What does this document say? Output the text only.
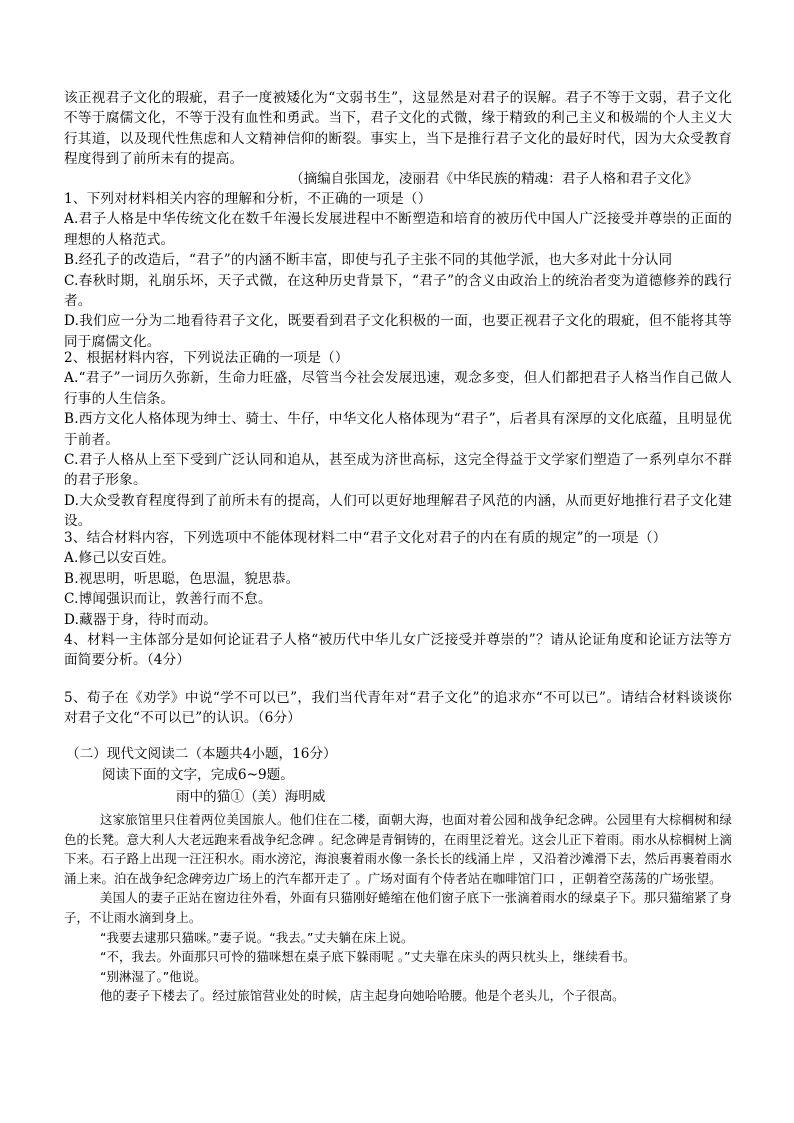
该正视君子文化的瑕疵，君子一度被矮化为“文弱书生”，这显然是对君子的误解。君子不等于文弱，君子文化不等于腐儒文化，不等于没有血性和勇武。当下，君子文化的式微，缘于精致的利己主义和极端的个人主义大行其道，以及现代性焦虑和人文精神信仰的断裂。事实上，当下是推行君子文化的最好时代，因为大众受教育程度得到了前所未有的提高。
（摘编自张国龙，凌丽君《中华民族的精魂：君子人格和君子文化》
1、下列对材料相关内容的理解和分析，不正确的一项是（）
A.君子人格是中华传统文化在数千年漫长发展进程中不断塑造和培育的被历代中国人广泛接受并尊崇的正面的理想的人格范式。
B.经孔子的改造后，“君子”的内涵不断丰富，即使与孔子主张不同的其他学派，也大多对此十分认同
C.春秋时期，礼崩乐坏，天子式微，在这种历史背景下，“君子”的含义由政治上的统治者变为道德修养的践行者。
D.我们应一分为二地看待君子文化，既要看到君子文化积极的一面，也要正视君子文化的瑕疵，但不能将其等同于腐儒文化。
2、根据材料内容，下列说法正确的一项是（）
A.“君子”一词历久弥新，生命力旺盛，尽管当今社会发展迅速，观念多变，但人们都把君子人格当作自己做人行事的人生信条。
B.西方文化人格体现为绅士、骑士、牛仔，中华文化人格体现为“君子”，后者具有深厚的文化底蕴，且明显优于前者。
C.君子人格从上至下受到广泛认同和追从，甚至成为济世高标，这完全得益于文学家们塑造了一系列卓尔不群的君子形象。
D.大众受教育程度得到了前所未有的提高，人们可以更好地理解君子风范的内涵，从而更好地推行君子文化建设。
3、结合材料内容，下列选项中不能体现材料二中“君子文化对君子的内在有质的规定”的一项是（）
A.修己以安百姓。
B.视思明，听思聪，色思温，貌思恭。
C.博闻强识而让，敦善行而不怠。
D.藏器于身，待时而动。
4、材料一主体部分是如何论证君子人格“被历代中华儿女广泛接受并尊崇的”？请从论证角度和论证方法等方面简要分析。（4分）
5、荀子在《劝学》中说“学不可以已”，我们当代青年对“君子文化”的追求亦“不可以已”。请结合材料谈谈你对君子文化“不可以已”的认识。（6分）
（二）现代文阅读二（本题共4小题，16分）
阅读下面的文字，完成6~9题。
雨中的猫①（美）海明威

这家旅馆里只住着两位美国旅人。他们住在二楼，面朝大海，也面对着公园和战争纪念碑。公园里有大棕榈树和绿色的长凳。意大利人大老远跑来看战争纪念碑 。纪念碑是青铜铸的，在雨里泛着光。这会儿正下着雨。雨水从棕榈树上滴下来。石子路上出现一汪汪积水。雨水滂沱，海浪裹着雨水像一条长长的线涌上岸 ，又沿着沙滩滑下去，然后再裹着雨水涌上来。泊在战争纪念碑旁边广场上的汽车都开走了 。广场对面有个侍者站在咖啡馆门口 ，正朝着空荡荡的广场张望。

美国人的妻子正站在窗边往外看，外面有只猫刚好蜷缩在他们窗子底下一张滴着雨水的绿桌子下。那只猫缩紧了身子，不让雨水滴到身上。

“我要去逮那只猫咪。”妻子说。“我去。”丈夫躺在床上说。

“不，我去。外面那只可怜的猫咪想在桌子底下躲雨呢 。”丈夫靠在床头的两只枕头上，继续看书。

“别淋湿了。”他说。

他的妻子下楼去了。经过旅馆营业处的时候，店主起身向她哈哈腰。他是个老头儿，个子很高。
